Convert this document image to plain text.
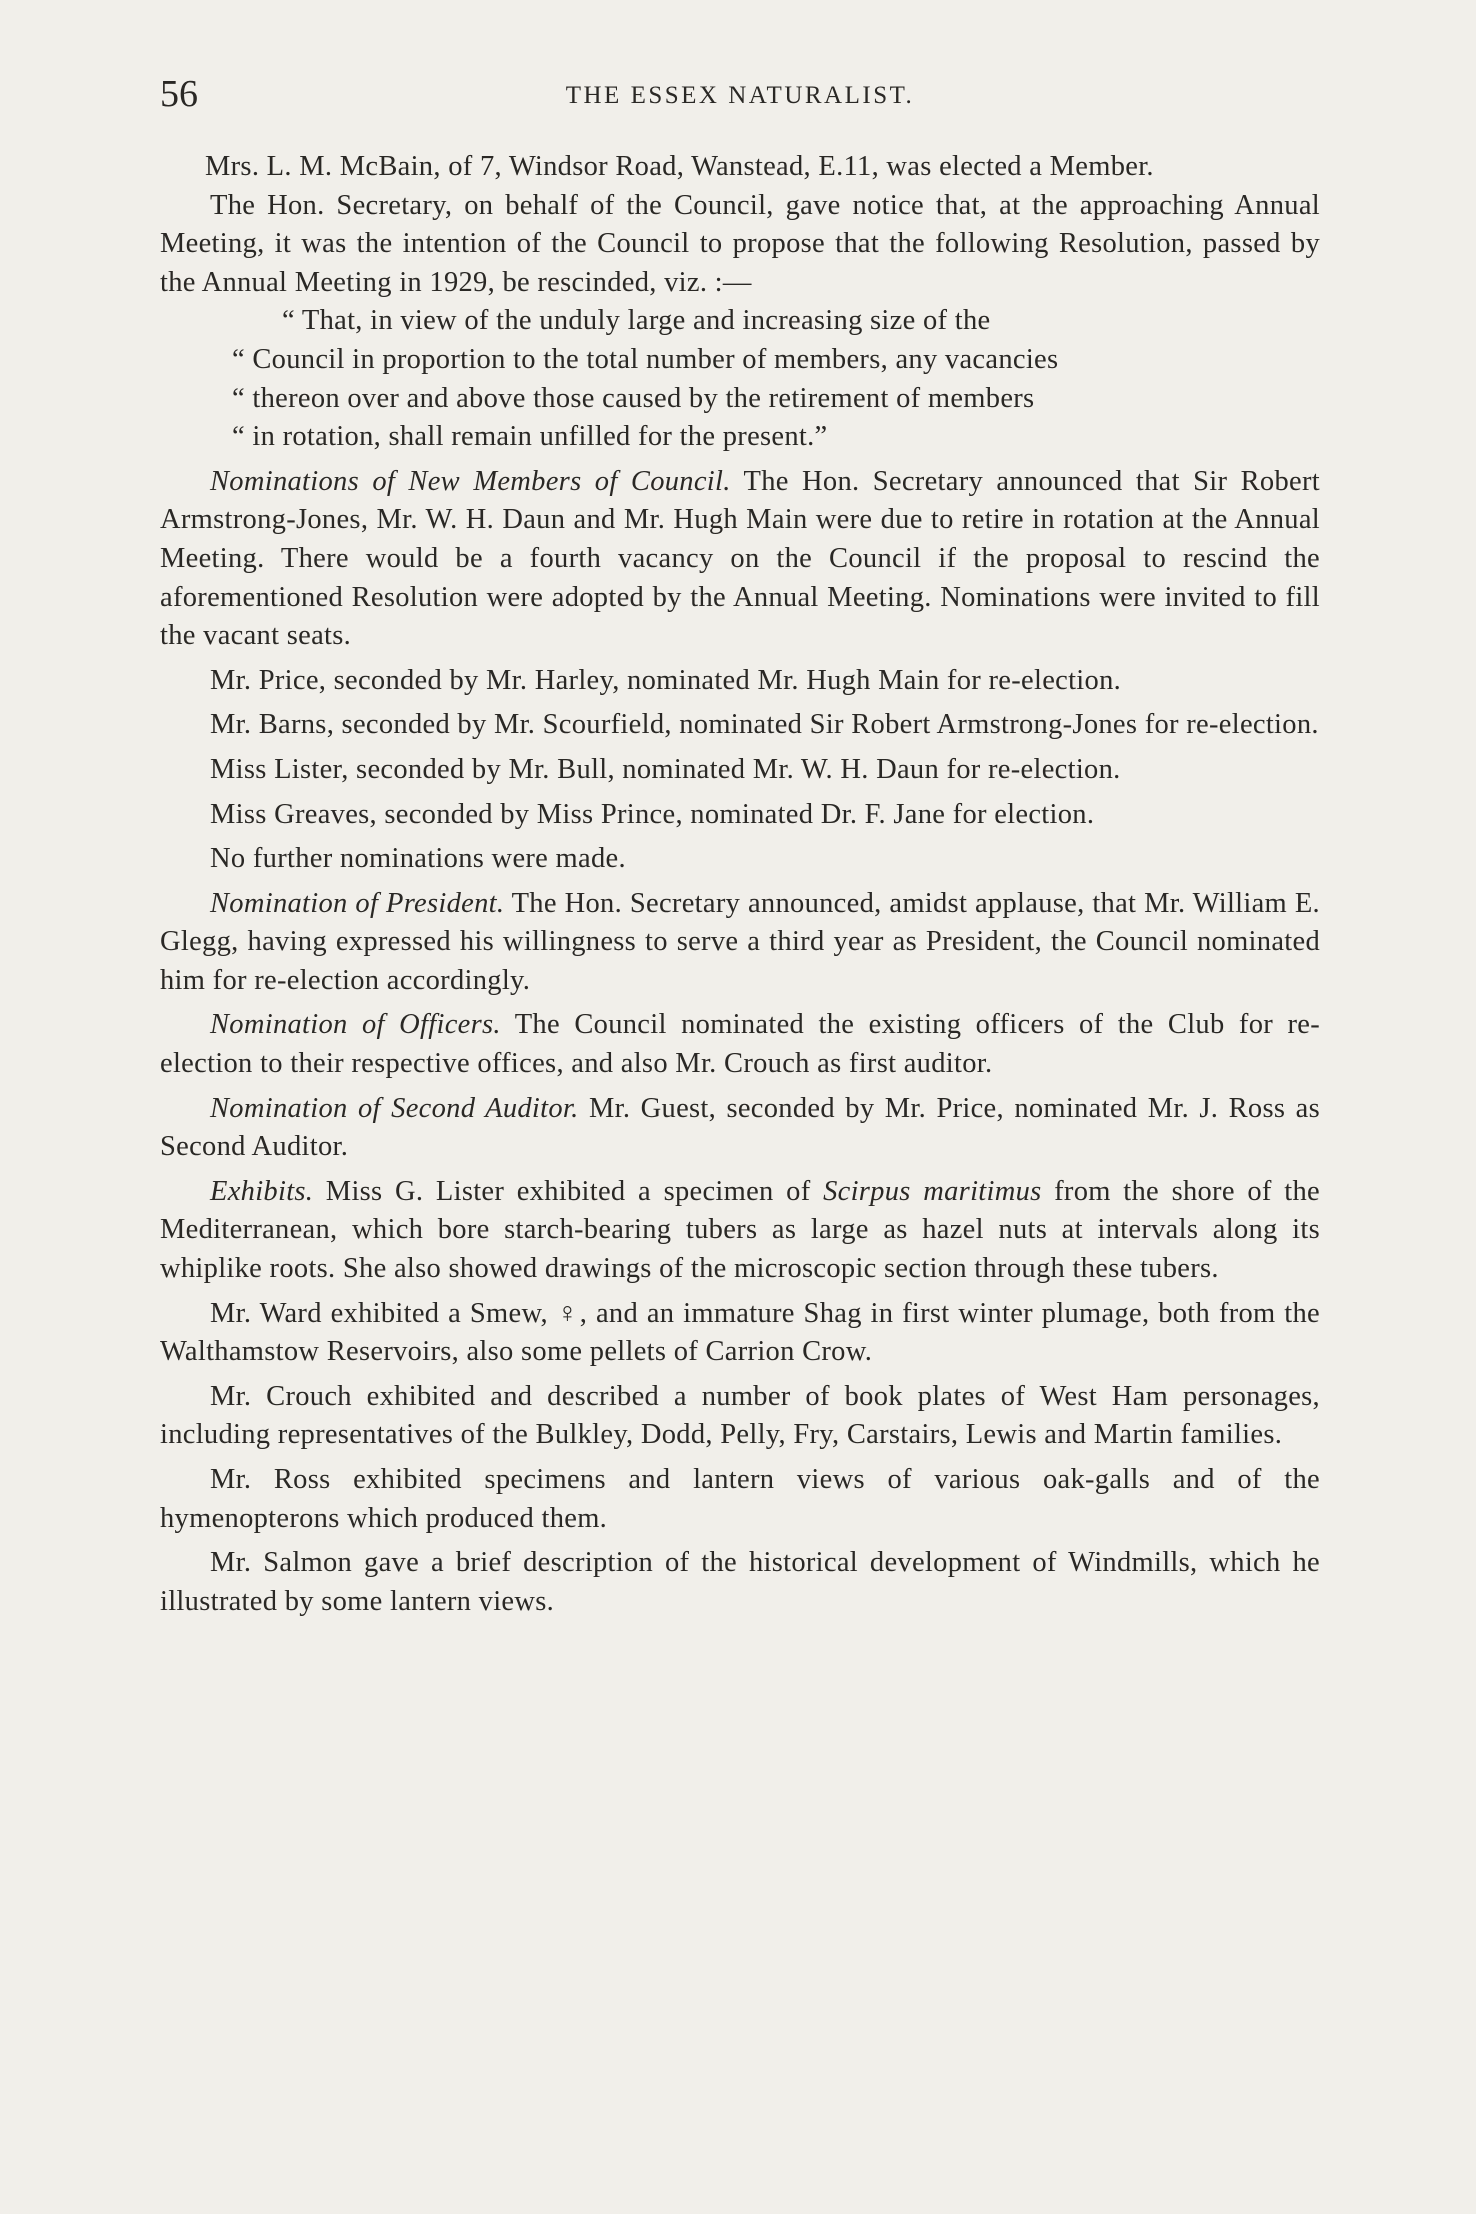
56	THE ESSEX NATURALIST.

Mrs. L. M. McBain, of 7, Windsor Road, Wanstead, E.11, was elected a Member.

The Hon. Secretary, on behalf of the Council, gave notice that, at the approaching Annual Meeting, it was the intention of the Council to propose that the following Resolution, passed by the Annual Meeting in 1929, be rescinded, viz. :—

“ That, in view of the unduly large and increasing size of the

“ Council in proportion to the total number of members, any vacancies

“ thereon over and above those caused by the retirement of members

“ in rotation, shall remain unfilled for the present.”

Nominations of New Members of Council. The Hon. Secretary announced that Sir Robert Armstrong-Jones, Mr. W. H. Daun and Mr. Hugh Main were due to retire in rotation at the Annual Meeting. There would be a fourth vacancy on the Council if the proposal to rescind the aforementioned Resolution were adopted by the Annual Meeting. Nominations were invited to fill the vacant seats.

Mr. Price, seconded by Mr. Harley, nominated Mr. Hugh Main for re-election.

Mr. Barns, seconded by Mr. Scourfield, nominated Sir Robert Armstrong-Jones for re-election.

Miss Lister, seconded by Mr. Bull, nominated Mr. W. H. Daun for re-election.

Miss Greaves, seconded by Miss Prince, nominated Dr. F. Jane for election.

No further nominations were made.

Nomination of President. The Hon. Secretary announced, amidst applause, that Mr. William E. Glegg, having expressed his willingness to serve a third year as President, the Council nominated him for re-election accordingly.

Nomination of Officers. The Council nominated the existing officers of the Club for re-election to their respective offices, and also Mr. Crouch as first auditor.

Nomination of Second Auditor. Mr. Guest, seconded by Mr. Price, nominated Mr. J. Ross as Second Auditor.

Exhibits. Miss G. Lister exhibited a specimen of Scirpus maritimus from the shore of the Mediterranean, which bore starch-bearing tubers as large as hazel nuts at intervals along its whiplike roots. She also showed drawings of the microscopic section through these tubers.

Mr. Ward exhibited a Smew, ♀, and an immature Shag in first winter plumage, both from the Walthamstow Reservoirs, also some pellets of Carrion Crow.

Mr. Crouch exhibited and described a number of book plates of West Ham personages, including representatives of the Bulkley, Dodd, Pelly, Fry, Carstairs, Lewis and Martin families.

Mr. Ross exhibited specimens and lantern views of various oak-galls and of the hymenopterons which produced them.

Mr. Salmon gave a brief description of the historical development of Windmills, which he illustrated by some lantern views.
